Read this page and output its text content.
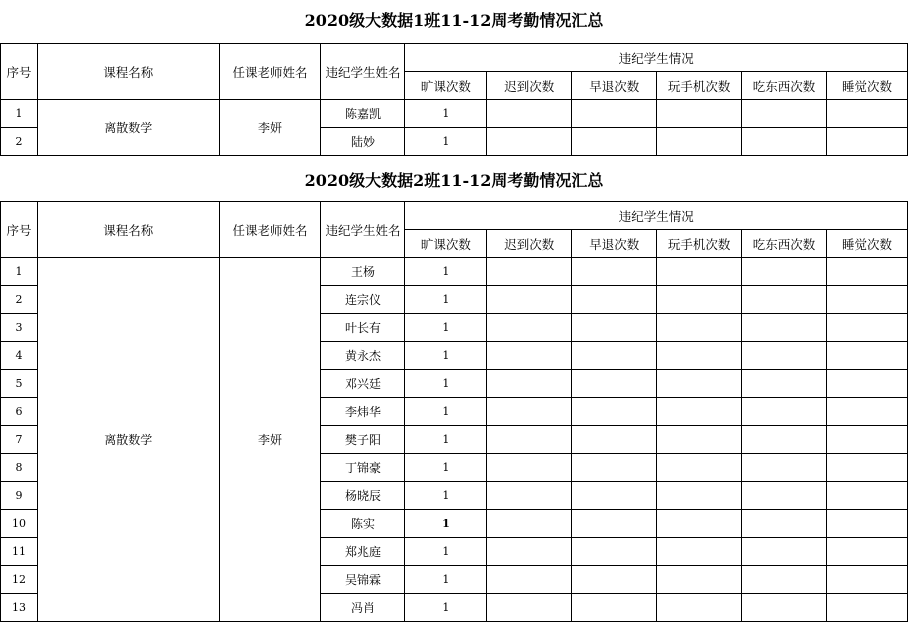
2020级大数据1班11-12周考勤情况汇总
序号	课程名称	任课老师姓名	违纪学生姓名	违纪学生情况					
				旷课次数	迟到次数	早退次数	玩手机次数	吃东西次数	睡觉次数
1	离散数学	李妍	陈嘉凯	1					
2			陆妙	1					
2020级大数据2班11-12周考勤情况汇总
序号	课程名称	任课老师姓名	违纪学生姓名	违纪学生情况					
				旷课次数	迟到次数	早退次数	玩手机次数	吃东西次数	睡觉次数
1	离散数学	李妍	王杨	1					
2			连宗仪	1					
3			叶长有	1					
4			黄永杰	1					
5			邓兴廷	1					
6			李炜华	1					
7			樊子阳	1					
8			丁锦豪	1					
9			杨晓辰	1					
10			陈实	1					
11			郑兆庭	1					
12			吴锦霖	1					
13			冯肖	1					
